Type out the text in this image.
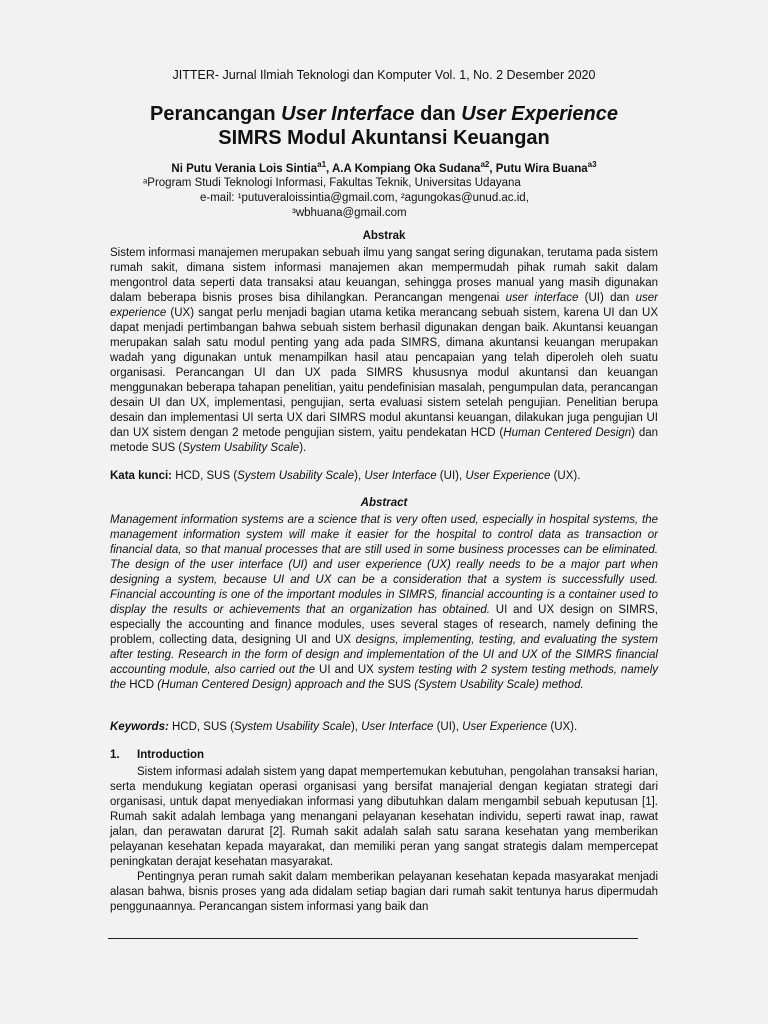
JITTER- Jurnal Ilmiah Teknologi dan Komputer Vol. 1, No. 2 Desember 2020
Perancangan User Interface dan User Experience
SIMRS Modul Akuntansi Keuangan
Ni Putu Verania Lois Sintia$^{a1}$, A.A Kompiang Oka Sudana$^{a2}$, Putu Wira Buana$^{a3}$
ᵃProgram Studi Teknologi Informasi, Fakultas Teknik, Universitas Udayana
e-mail: ¹putuveraloissintia@gmail.com, ²agungokas@unud.ac.id,
³wbhuana@gmail.com
Abstrak
Sistem informasi manajemen merupakan sebuah ilmu yang sangat sering digunakan, terutama pada sistem rumah sakit, dimana sistem informasi manajemen akan mempermudah pihak rumah sakit dalam mengontrol data seperti data transaksi atau keuangan, sehingga proses manual yang masih digunakan dalam beberapa bisnis proses bisa dihilangkan. Perancangan mengenai user interface (UI) dan user experience (UX) sangat perlu menjadi bagian utama ketika merancang sebuah sistem, karena UI dan UX dapat menjadi pertimbangan bahwa sebuah sistem berhasil digunakan dengan baik. Akuntansi keuangan merupakan salah satu modul penting yang ada pada SIMRS, dimana akuntansi keuangan merupakan wadah yang digunakan untuk menampilkan hasil atau pencapaian yang telah diperoleh oleh suatu organisasi. Perancangan UI dan UX pada SIMRS khususnya modul akuntansi dan keuangan menggunakan beberapa tahapan penelitian, yaitu pendefinisian masalah, pengumpulan data, perancangan desain UI dan UX, implementasi, pengujian, serta evaluasi sistem setelah pengujian. Penelitian berupa desain dan implementasi UI serta UX dari SIMRS modul akuntansi keuangan, dilakukan juga pengujian UI dan UX sistem dengan 2 metode pengujian sistem, yaitu pendekatan HCD (Human Centered Design) dan metode SUS (System Usability Scale).
Kata kunci: HCD, SUS (System Usability Scale), User Interface (UI), User Experience (UX).
Abstract
Management information systems are a science that is very often used, especially in hospital systems, the management information system will make it easier for the hospital to control data as transaction or financial data, so that manual processes that are still used in some business processes can be eliminated. The design of the user interface (UI) and user experience (UX) really needs to be a major part when designing a system, because UI and UX can be a consideration that a system is successfully used. Financial accounting is one of the important modules in SIMRS, financial accounting is a container used to display the results or achievements that an organization has obtained. UI and UX design on SIMRS, especially the accounting and finance modules, uses several stages of research, namely defining the problem, collecting data, designing UI and UX designs, implementing, testing, and evaluating the system after testing. Research in the form of design and implementation of the UI and UX of the SIMRS financial accounting module, also carried out the UI and UX system testing with 2 system testing methods, namely the HCD (Human Centered Design) approach and the SUS (System Usability Scale) method.
Keywords: HCD, SUS (System Usability Scale), User Interface (UI), User Experience (UX).
1. Introduction

Sistem informasi adalah sistem yang dapat mempertemukan kebutuhan, pengolahan transaksi harian, serta mendukung kegiatan operasi organisasi yang bersifat manajerial dengan kegiatan strategi dari organisasi, untuk dapat menyediakan informasi yang dibutuhkan dalam mengambil sebuah keputusan [1]. Rumah sakit adalah lembaga yang menangani pelayanan kesehatan individu, seperti rawat inap, rawat jalan, dan perawatan darurat [2]. Rumah sakit adalah salah satu sarana kesehatan yang memberikan pelayanan kesehatan kepada mayarakat, dan memiliki peran yang sangat strategis dalam mempercepat peningkatan derajat kesehatan masyarakat.

Pentingnya peran rumah sakit dalam memberikan pelayanan kesehatan kepada masyarakat menjadi alasan bahwa, bisnis proses yang ada didalam setiap bagian dari rumah sakit tentunya harus dipermudah penggunaannya. Perancangan sistem informasi yang baik dan
